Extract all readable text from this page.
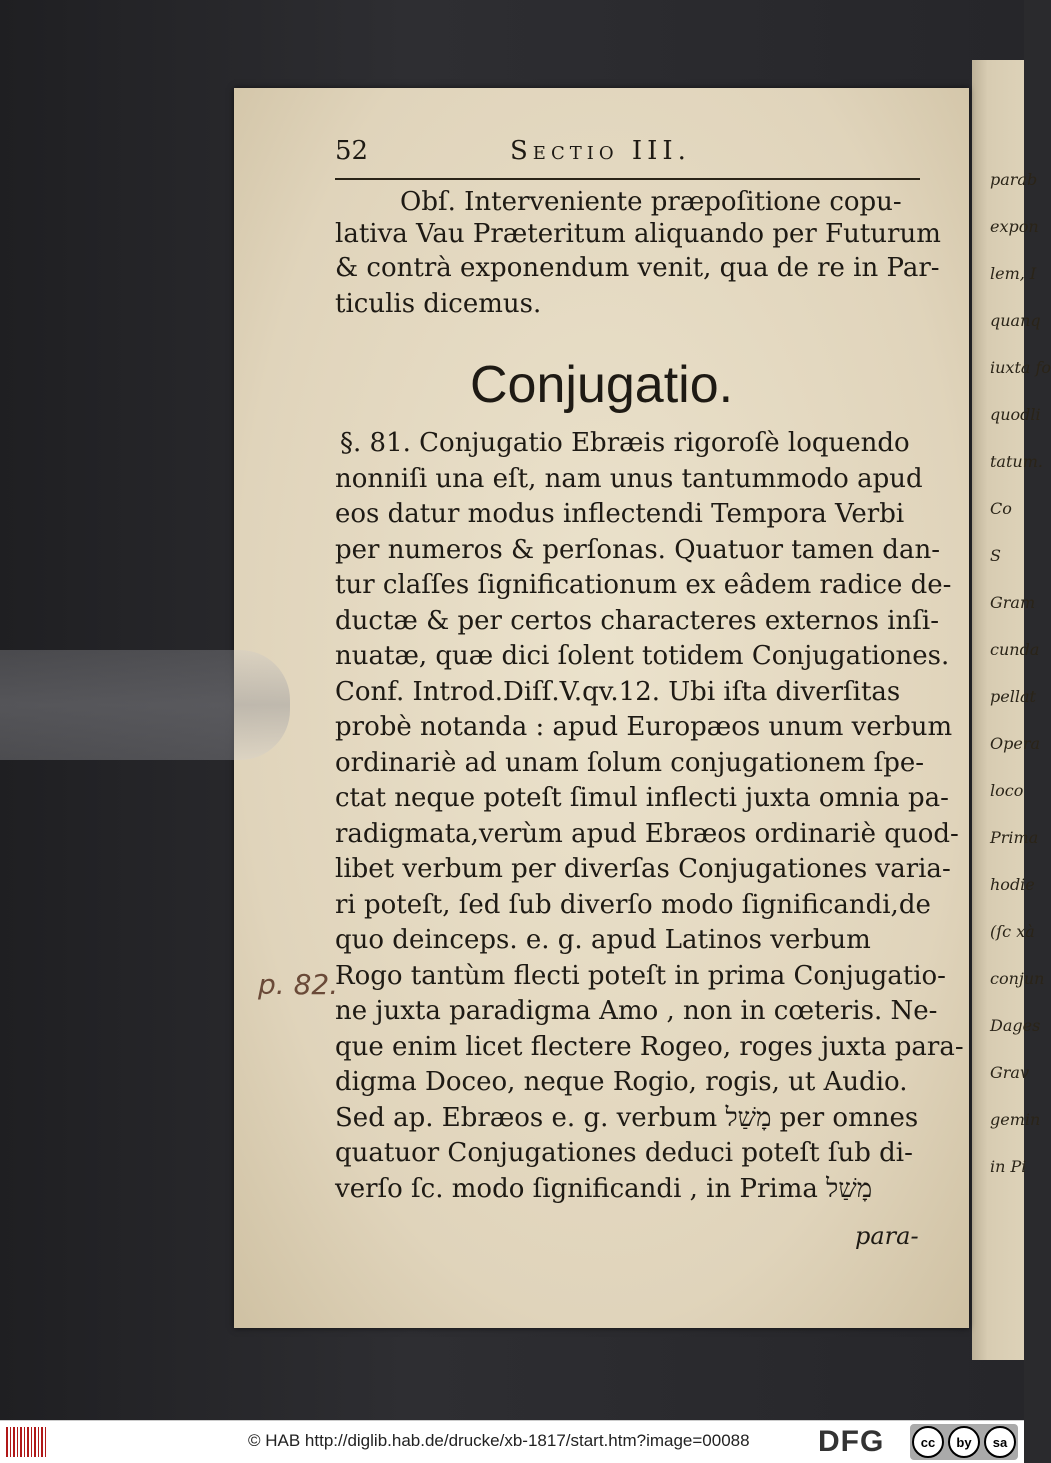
parab
expon
lem, I
quanq
iuxta fo
quodli
tatum.
Co
S
Gram
cunda
pellat
Opera
loco
Prima
hodie
(ſc xà
conjun
Dages
Grav
gemin
in Pi
52	Sectio III.
Obſ. Interveniente præpoſitione copu-
lativa Vau Præteritum aliquando per Futurum
& contrà exponendum venit, qua de re in Par-
ticulis dicemus.
Conjugatio.
§. 81. Conjugatio Ebræis rigoroſè loquendo
nonniſi una eſt, nam unus tantummodo apud
eos datur modus inflectendi Tempora Verbi
per numeros & perſonas. Quatuor tamen dan-
tur claſſes ſignificationum ex eâdem radice de-
ductæ & per certos characteres externos inſi-
nuatæ, quæ dici ſolent totidem Conjugationes.
Conf. Introd.Diſſ.V.qv.12. Ubi iſta diverſitas
probè notanda : apud Europæos unum verbum
ordinariè ad unam ſolum conjugationem ſpe-
ctat neque poteſt ſimul inflecti juxta omnia pa-
radigmata,verùm apud Ebræos ordinariè quod-
libet verbum per diverſas Conjugationes varia-
ri poteſt, ſed ſub diverſo modo ſignificandi,de
quo deinceps. e. g. apud Latinos verbum
Rogo tantùm flecti poteſt in prima Conjugatio-
ne juxta paradigma Amo , non in cœteris. Ne-
que enim licet flectere Rogeo, roges juxta para-
digma Doceo, neque Rogio, rogis, ut Audio.
Sed ap. Ebræos e. g. verbum מָשַׁל per omnes
quatuor Conjugationes deduci poteſt ſub di-
verſo ſc. modo ſignificandi , in Prima מָשַׁל
p. 82.
para-
© HAB http://diglib.hab.de/drucke/xb-1817/start.htm?image=00088 DFG	cc	by	sa
